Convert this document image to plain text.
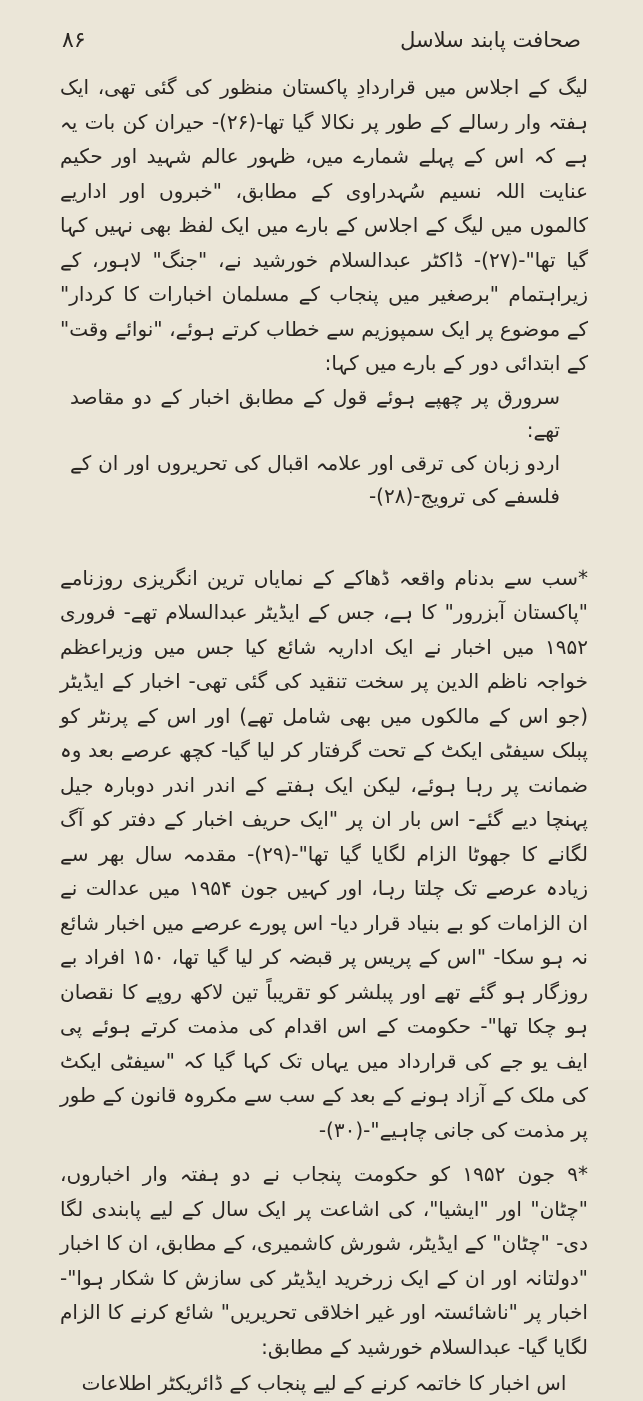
صحافت پابند سلاسل
۸۶

لیگ کے اجلاس میں قراردادِ پاکستان منظور کی گئی تھی، ایک ہفتہ وار رسالے کے طور پر نکالا گیا تھا-(۲۶)- حیران کن بات یہ ہے کہ اس کے پہلے شمارے میں، ظہور عالم شہید اور حکیم عنایت اللہ نسیم سُہدراوی کے مطابق، "خبروں اور اداریے کالموں میں لیگ کے اجلاس کے بارے میں ایک لفظ بھی نہیں کہا گیا تھا"-(۲۷)- ڈاکٹر عبدالسلام خورشید نے، "جنگ" لاہور، کے زیراہتمام "برصغیر میں پنجاب کے مسلمان اخبارات کا کردار" کے موضوع پر ایک سمپوزیم سے خطاب کرتے ہوئے، "نوائے وقت" کے ابتدائی دور کے بارے میں کہا:

سرورق پر چھپے ہوئے قول کے مطابق اخبار کے دو مقاصد تھے:

اردو زبان کی ترقی اور علامہ اقبال کی تحریروں اور ان کے فلسفے کی ترویج-(۲۸)-

*سب سے بدنام واقعہ ڈھاکے کے نمایاں ترین انگریزی روزنامے "پاکستان آبزرور" کا ہے، جس کے ایڈیٹر عبدالسلام تھے- فروری ۱۹۵۲ میں اخبار نے ایک اداریہ شائع کیا جس میں وزیراعظم خواجہ ناظم الدین پر سخت تنقید کی گئی تھی- اخبار کے ایڈیٹر (جو اس کے مالکوں میں بھی شامل تھے) اور اس کے پرنٹر کو پبلک سیفٹی ایکٹ کے تحت گرفتار کر لیا گیا- کچھ عرصے بعد وہ ضمانت پر رہا ہوئے، لیکن ایک ہفتے کے اندر اندر دوبارہ جیل پہنچا دیے گئے- اس بار ان پر "ایک حریف اخبار کے دفتر کو آگ لگانے کا جھوٹا الزام لگایا گیا تھا"-(۲۹)- مقدمہ سال بھر سے زیادہ عرصے تک چلتا رہا، اور کہیں جون ۱۹۵۴ میں عدالت نے ان الزامات کو بے بنیاد قرار دیا- اس پورے عرصے میں اخبار شائع نہ ہو سکا- "اس کے پریس پر قبضہ کر لیا گیا تھا، ۱۵۰ افراد بے روزگار ہو گئے تھے اور پبلشر کو تقریباً تین لاکھ روپے کا نقصان ہو چکا تھا"- حکومت کے اس اقدام کی مذمت کرتے ہوئے پی ایف یو جے کی قرارداد میں یہاں تک کہا گیا کہ "سیفٹی ایکٹ کی ملک کے آزاد ہونے کے بعد کے سب سے مکروہ قانون کے طور پر مذمت کی جانی چاہیے"-(۳۰)-

*۹ جون ۱۹۵۲ کو حکومت پنجاب نے دو ہفتہ وار اخباروں، "چٹان" اور "ایشیا"، کی اشاعت پر ایک سال کے لیے پابندی لگا دی- "چٹان" کے ایڈیٹر، شورش کاشمیری، کے مطابق، ان کا اخبار "دولتانہ اور ان کے ایک زرخرید ایڈیٹر کی سازش کا شکار ہوا"- اخبار پر "ناشائستہ اور غیر اخلاقی تحریریں" شائع کرنے کا الزام لگایا گیا- عبدالسلام خورشید کے مطابق:

اس اخبار کا خاتمہ کرنے کے لیے پنجاب کے ڈائریکٹر اطلاعات
